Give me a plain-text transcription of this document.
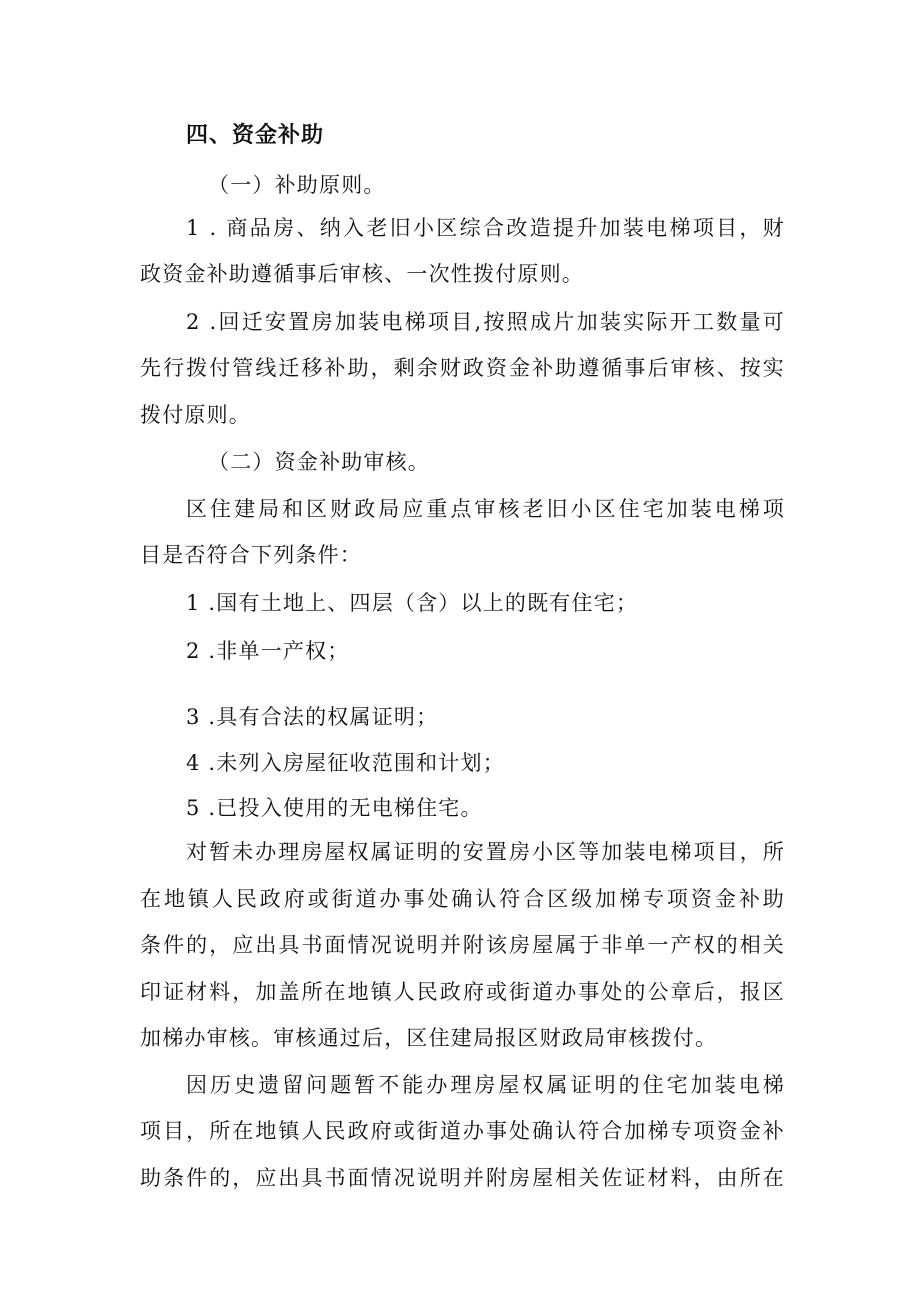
四、资金补助
（一）补助原则。
1 . 商品房、纳入老旧小区综合改造提升加装电梯项目，财
政资金补助遵循事后审核、一次性拨付原则。
2 .回迁安置房加装电梯项目,按照成片加装实际开工数量可
先行拨付管线迁移补助，剩余财政资金补助遵循事后审核、按实
拨付原则。
（二）资金补助审核。
区住建局和区财政局应重点审核老旧小区住宅加装电梯项
目是否符合下列条件：
1 .国有土地上、四层（含）以上的既有住宅；
2 .非单一产权；
3 .具有合法的权属证明；
4 .未列入房屋征收范围和计划；
5 .已投入使用的无电梯住宅。
对暂未办理房屋权属证明的安置房小区等加装电梯项目，所
在地镇人民政府或街道办事处确认符合区级加梯专项资金补助
条件的，应出具书面情况说明并附该房屋属于非单一产权的相关
印证材料，加盖所在地镇人民政府或街道办事处的公章后，报区
加梯办审核。审核通过后，区住建局报区财政局审核拨付。
因历史遗留问题暂不能办理房屋权属证明的住宅加装电梯
项目，所在地镇人民政府或街道办事处确认符合加梯专项资金补
助条件的，应出具书面情况说明并附房屋相关佐证材料，由所在
